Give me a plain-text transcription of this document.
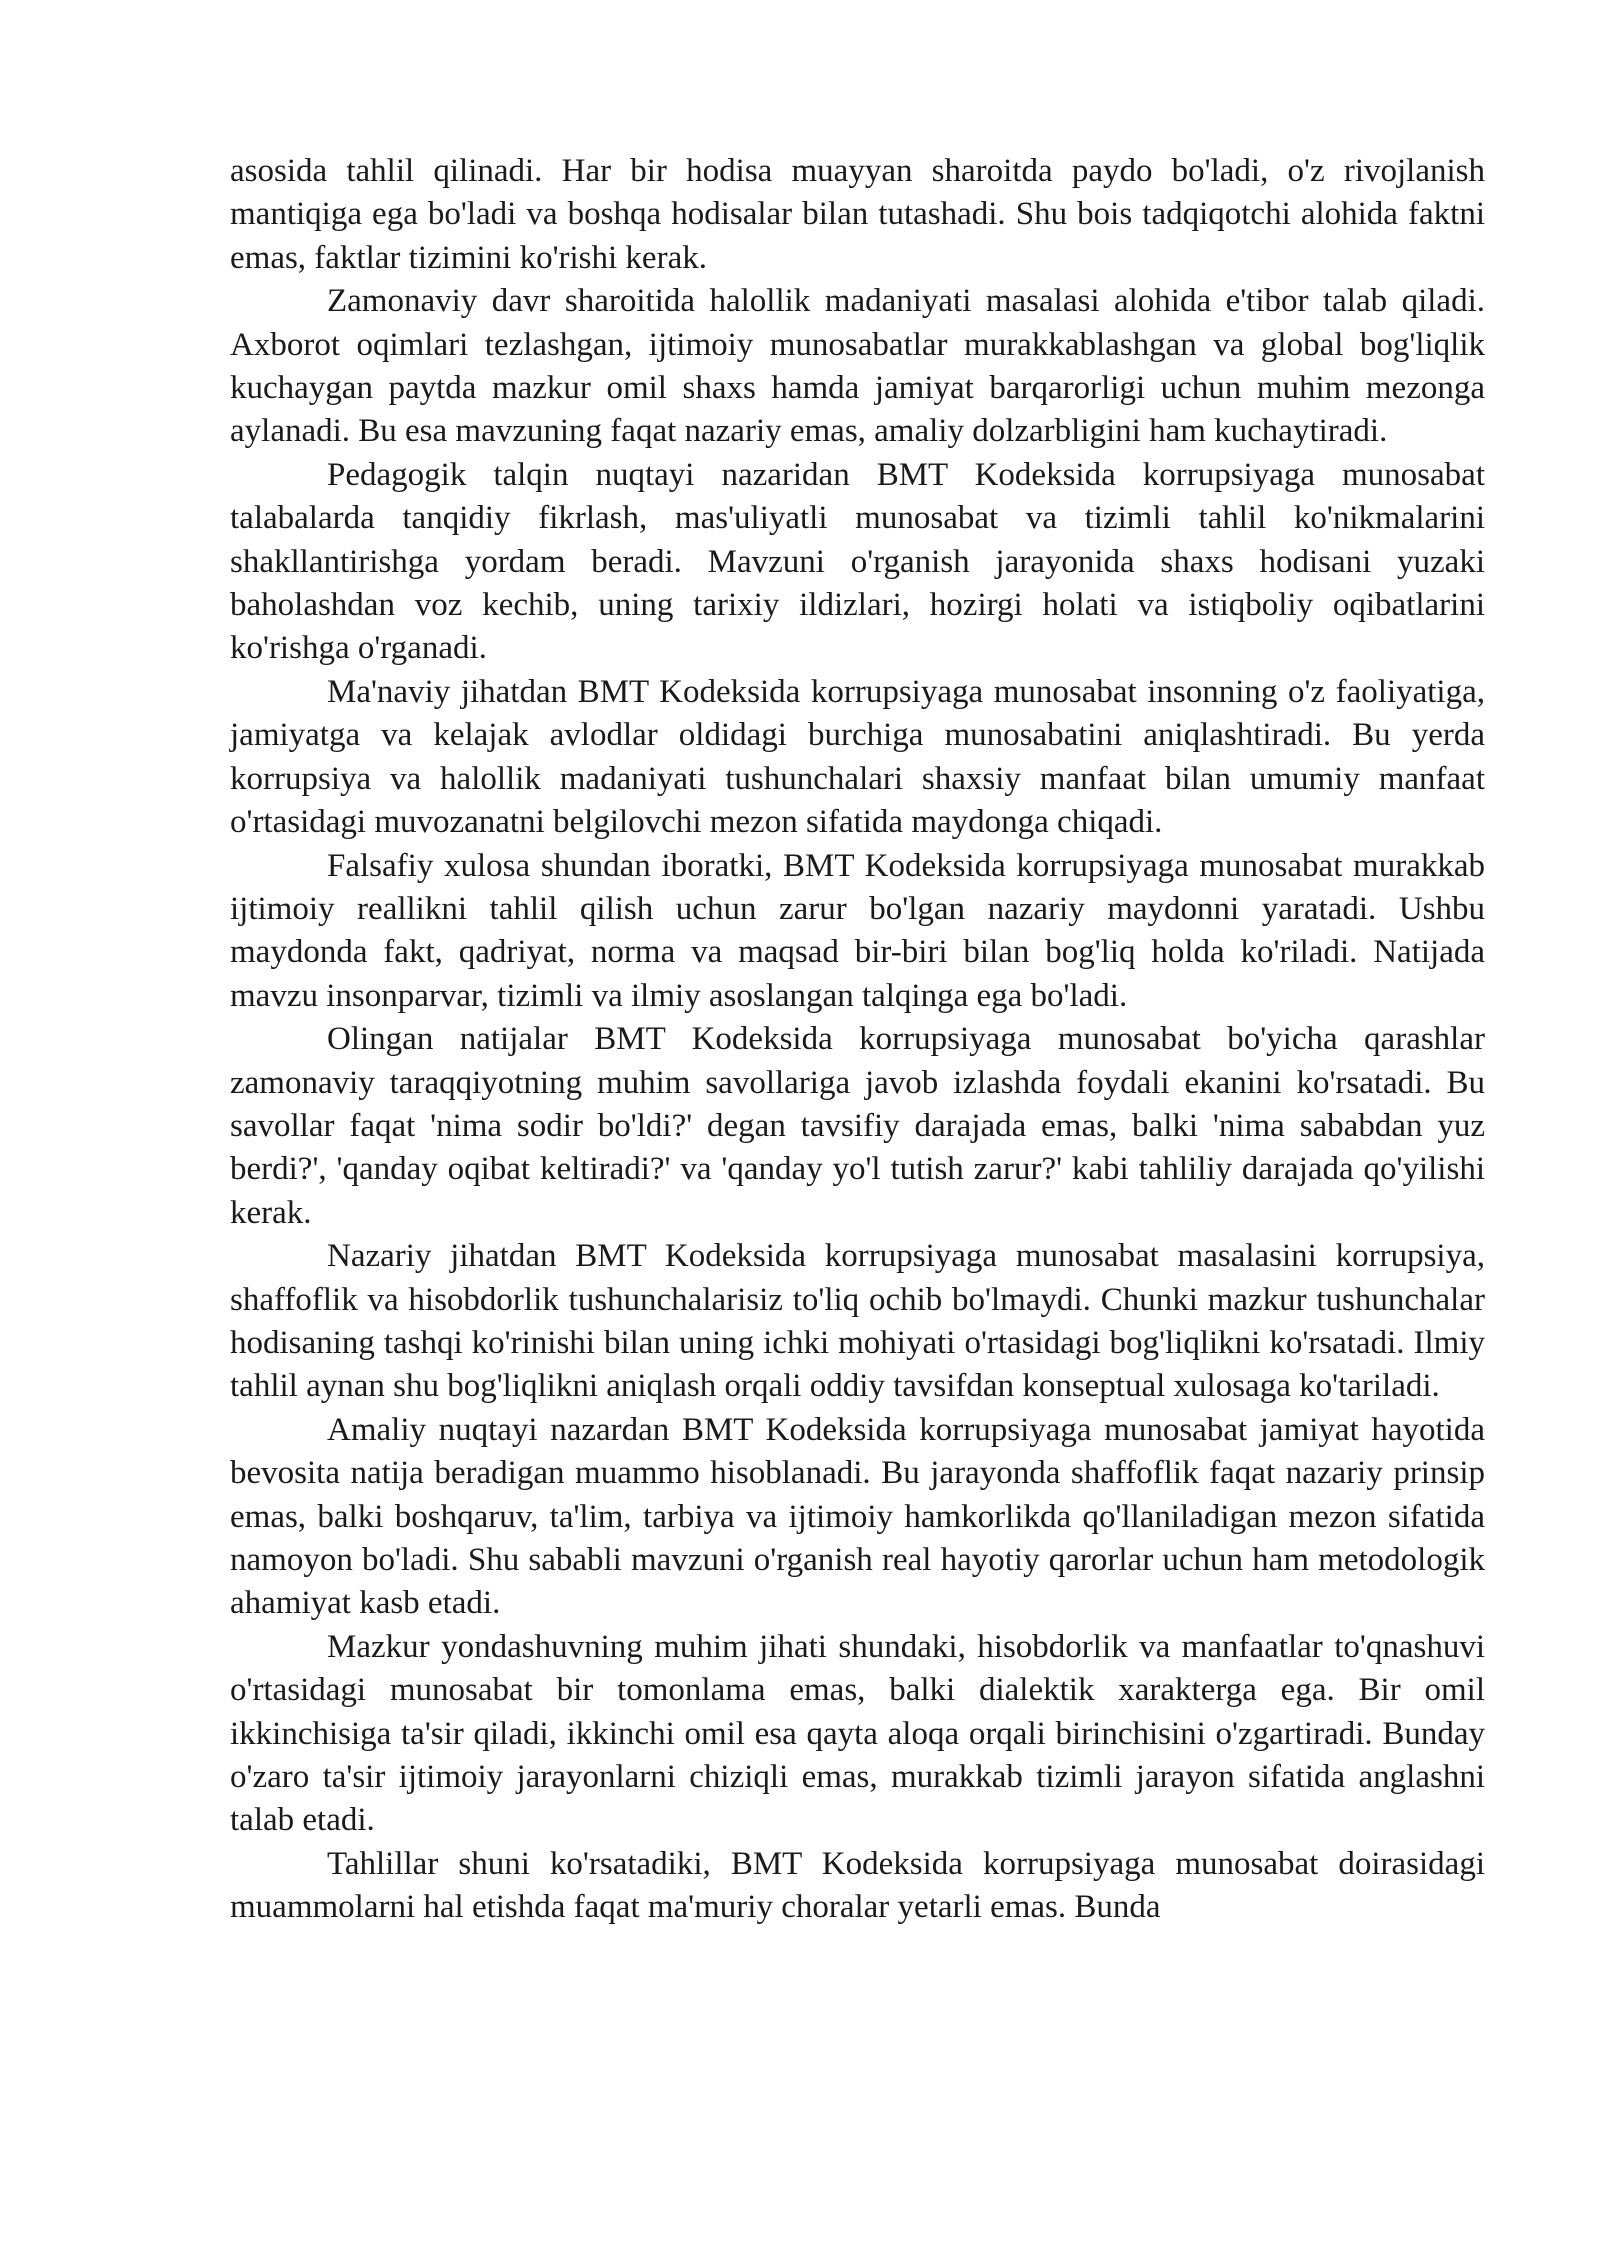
asosida tahlil qilinadi. Har bir hodisa muayyan sharoitda paydo bo'ladi, o'z rivojlanish mantiqiga ega bo'ladi va boshqa hodisalar bilan tutashadi. Shu bois tadqiqotchi alohida faktni emas, faktlar tizimini ko'rishi kerak.

Zamonaviy davr sharoitida halollik madaniyati masalasi alohida e'tibor talab qiladi. Axborot oqimlari tezlashgan, ijtimoiy munosabatlar murakkablashgan va global bog'liqlik kuchaygan paytda mazkur omil shaxs hamda jamiyat barqarorligi uchun muhim mezonga aylanadi. Bu esa mavzuning faqat nazariy emas, amaliy dolzarbligini ham kuchaytiradi.

Pedagogik talqin nuqtayi nazaridan BMT Kodeksida korrupsiyaga munosabat talabalarda tanqidiy fikrlash, mas'uliyatli munosabat va tizimli tahlil ko'nikmalarini shakllantirishga yordam beradi. Mavzuni o'rganish jarayonida shaxs hodisani yuzaki baholashdan voz kechib, uning tarixiy ildizlari, hozirgi holati va istiqboliy oqibatlarini ko'rishga o'rganadi.

Ma'naviy jihatdan BMT Kodeksida korrupsiyaga munosabat insonning o'z faoliyatiga, jamiyatga va kelajak avlodlar oldidagi burchiga munosabatini aniqlashtiradi. Bu yerda korrupsiya va halollik madaniyati tushunchalari shaxsiy manfaat bilan umumiy manfaat o'rtasidagi muvozanatni belgilovchi mezon sifatida maydonga chiqadi.

Falsafiy xulosa shundan iboratki, BMT Kodeksida korrupsiyaga munosabat murakkab ijtimoiy reallikni tahlil qilish uchun zarur bo'lgan nazariy maydonni yaratadi. Ushbu maydonda fakt, qadriyat, norma va maqsad bir-biri bilan bog'liq holda ko'riladi. Natijada mavzu insonparvar, tizimli va ilmiy asoslangan talqinga ega bo'ladi.

Olingan natijalar BMT Kodeksida korrupsiyaga munosabat bo'yicha qarashlar zamonaviy taraqqiyotning muhim savollariga javob izlashda foydali ekanini ko'rsatadi. Bu savollar faqat 'nima sodir bo'ldi?' degan tavsifiy darajada emas, balki 'nima sababdan yuz berdi?', 'qanday oqibat keltiradi?' va 'qanday yo'l tutish zarur?' kabi tahliliy darajada qo'yilishi kerak.

Nazariy jihatdan BMT Kodeksida korrupsiyaga munosabat masalasini korrupsiya, shaffoflik va hisobdorlik tushunchalarisiz to'liq ochib bo'lmaydi. Chunki mazkur tushunchalar hodisaning tashqi ko'rinishi bilan uning ichki mohiyati o'rtasidagi bog'liqlikni ko'rsatadi. Ilmiy tahlil aynan shu bog'liqlikni aniqlash orqali oddiy tavsifdan konseptual xulosaga ko'tariladi.

Amaliy nuqtayi nazardan BMT Kodeksida korrupsiyaga munosabat jamiyat hayotida bevosita natija beradigan muammo hisoblanadi. Bu jarayonda shaffoflik faqat nazariy prinsip emas, balki boshqaruv, ta'lim, tarbiya va ijtimoiy hamkorlikda qo'llaniladigan mezon sifatida namoyon bo'ladi. Shu sababli mavzuni o'rganish real hayotiy qarorlar uchun ham metodologik ahamiyat kasb etadi.

Mazkur yondashuvning muhim jihati shundaki, hisobdorlik va manfaatlar to'qnashuvi o'rtasidagi munosabat bir tomonlama emas, balki dialektik xarakterga ega. Bir omil ikkinchisiga ta'sir qiladi, ikkinchi omil esa qayta aloqa orqali birinchisini o'zgartiradi. Bunday o'zaro ta'sir ijtimoiy jarayonlarni chiziqli emas, murakkab tizimli jarayon sifatida anglashni talab etadi.

Tahlillar shuni ko'rsatadiki, BMT Kodeksida korrupsiyaga munosabat doirasidagi muammolarni hal etishda faqat ma'muriy choralar yetarli emas. Bunda
